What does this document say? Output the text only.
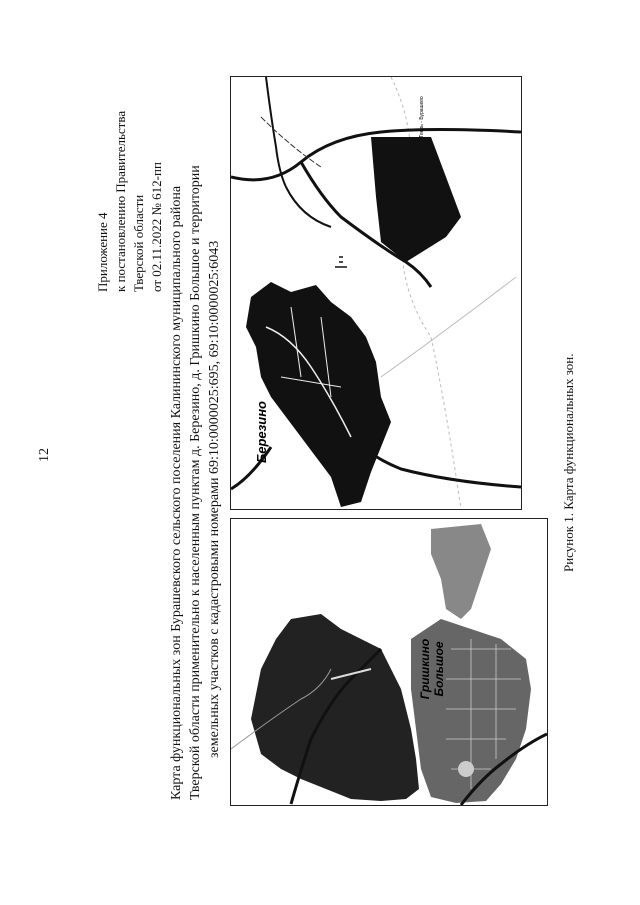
12
Приложение 4 к постановлению Правительства Тверской области от 02.11.2022 № 612-пп Карта функциональных зон Бурашевского сельского поселения Калининского муниципального района Тверской области применительно к населенным пунктам д. Березино, д. Гришкино Большое и территории земельных участков с кадастровыми номерами 69:10:0000025:695, 69:10:0000025:6043 Березино
Тверь - Бурашево
Гришкино Большое
Рисунок 1. Карта функциональных зон.
